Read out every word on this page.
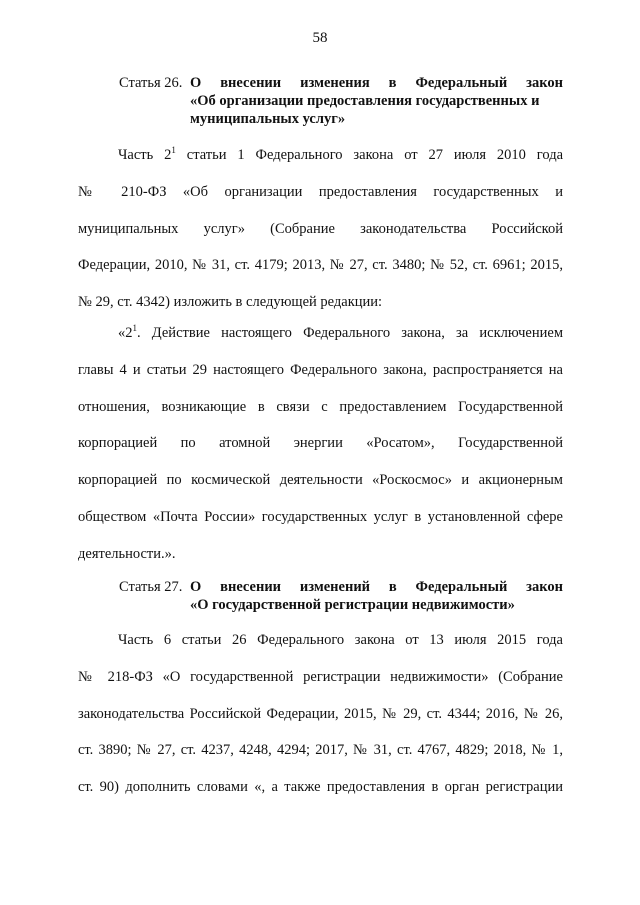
58
Статья 26. О внесении изменения в Федеральный закон
«Об организации предоставления государственных и
муниципальных услуг»
Часть $2^1$ статьи 1 Федерального закона от 27 июля 2010 года
№ 210-ФЗ «Об организации предоставления государственных и
муниципальных услуг» (Собрание законодательства Российской
Федерации, 2010, № 31, ст. 4179; 2013, № 27, ст. 3480; № 52, ст. 6961; 2015,
№ 29, ст. 4342) изложить в следующей редакции:
«$2^1$. Действие настоящего Федерального закона, за исключением
главы 4 и статьи 29 настоящего Федерального закона, распространяется на
отношения, возникающие в связи с предоставлением Государственной
корпорацией по атомной энергии «Росатом», Государственной
корпорацией по космической деятельности «Роскосмос» и акционерным
обществом «Почта России» государственных услуг в установленной сфере
деятельности.».
Статья 27. О внесении изменений в Федеральный закон
«О государственной регистрации недвижимости»
Часть 6 статьи 26 Федерального закона от 13 июля 2015 года
№ 218-ФЗ «О государственной регистрации недвижимости» (Собрание
законодательства Российской Федерации, 2015, № 29, ст. 4344; 2016, № 26,
ст. 3890; № 27, ст. 4237, 4248, 4294; 2017, № 31, ст. 4767, 4829; 2018, № 1,
ст. 90) дополнить словами «, а также предоставления в орган регистрации
